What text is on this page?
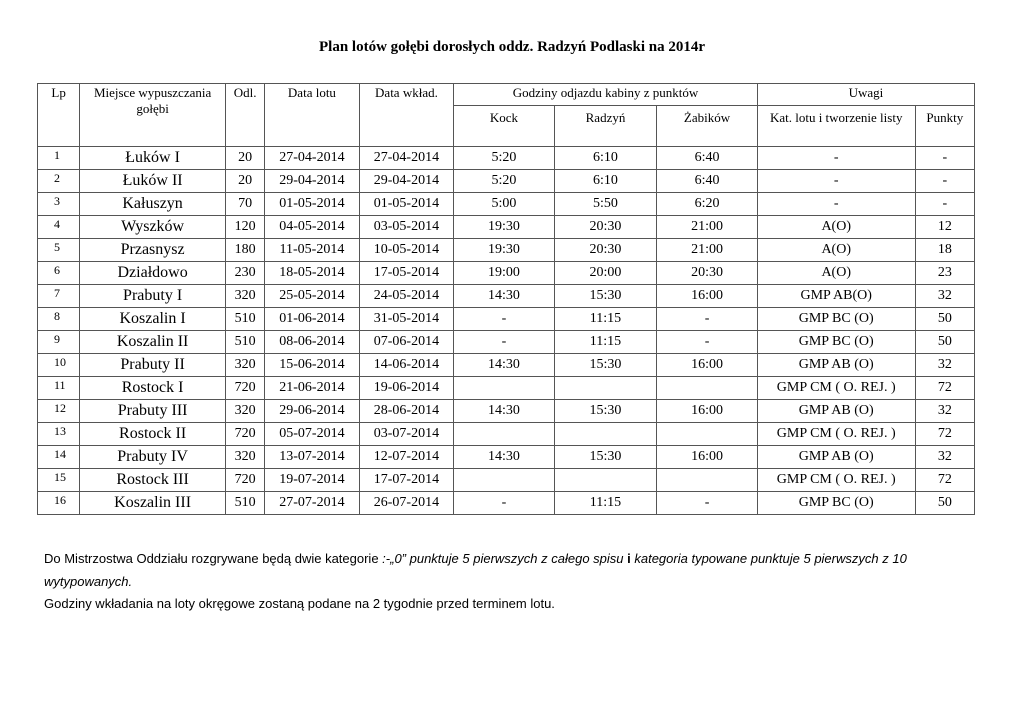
Plan lotów gołębi dorosłych oddz. Radzyń Podlaski na 2014r
Lp	Miejsce wypuszczania gołębi	Odl.	Data lotu	Data wkład.	Godziny odjazdu kabiny z punktów			Uwagi	
					Kock	Radzyń	Żabików	Kat. lotu i tworzenie listy	Punkty
1	Łuków I	20	27-04-2014	27-04-2014	5:20	6:10	6:40	-	-
2	Łuków II	20	29-04-2014	29-04-2014	5:20	6:10	6:40	-	-
3	Kałuszyn	70	01-05-2014	01-05-2014	5:00	5:50	6:20	-	-
4	Wyszków	120	04-05-2014	03-05-2014	19:30	20:30	21:00	A(O)	12
5	Przasnysz	180	11-05-2014	10-05-2014	19:30	20:30	21:00	A(O)	18
6	Działdowo	230	18-05-2014	17-05-2014	19:00	20:00	20:30	A(O)	23
7	Prabuty I	320	25-05-2014	24-05-2014	14:30	15:30	16:00	GMP AB(O)	32
8	Koszalin I	510	01-06-2014	31-05-2014	-	11:15	-	GMP BC (O)	50
9	Koszalin II	510	08-06-2014	07-06-2014	-	11:15	-	GMP BC (O)	50
10	Prabuty II	320	15-06-2014	14-06-2014	14:30	15:30	16:00	GMP AB (O)	32
11	Rostock I	720	21-06-2014	19-06-2014				GMP CM ( O. REJ. )	72
12	Prabuty III	320	29-06-2014	28-06-2014	14:30	15:30	16:00	GMP AB (O)	32
13	Rostock II	720	05-07-2014	03-07-2014				GMP CM ( O. REJ. )	72
14	Prabuty IV	320	13-07-2014	12-07-2014	14:30	15:30	16:00	GMP AB (O)	32
15	Rostock III	720	19-07-2014	17-07-2014				GMP CM ( O. REJ. )	72
16	Koszalin III	510	27-07-2014	26-07-2014	-	11:15	-	GMP BC (O)	50

Do Mistrzostwa Oddziału rozgrywane będą dwie kategorie :-„0” punktuje 5 pierwszych z całego spisu i kategoria typowane punktuje 5 pierwszych z 10 wytypowanych.

Godziny wkładania na loty okręgowe zostaną podane na 2 tygodnie przed terminem lotu.
